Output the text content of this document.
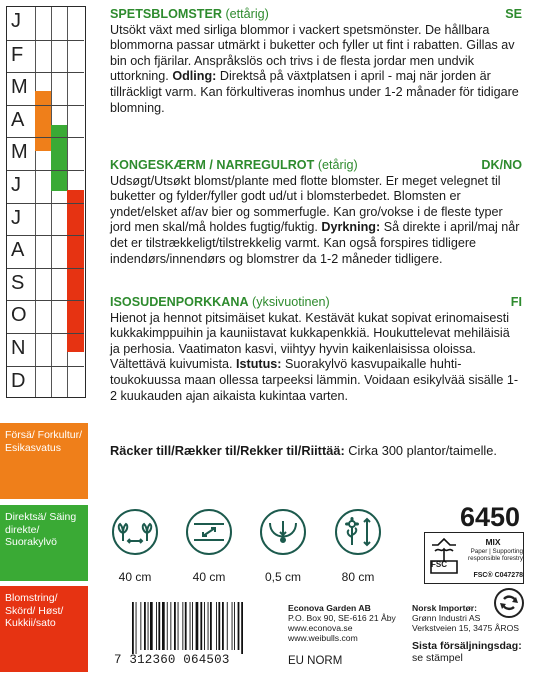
J
F
M
A
M
J
J
A
S
O
N
D
Försä/ Forkultur/ Esikasvatus
Direktsä/ Säing direkte/ Suorakylvö
Blomstring/ Skörd/ Høst/ Kukkii/sato
SPETSBLOMSTER (ettårig)	SE

Utsökt växt med sirliga blommor i vackert spetsmönster. De hållbara blommorna passar utmärkt i buketter och fyller ut fint i rabatten. Gillas av bin och fjärilar. Anspråkslös och trivs i de flesta jordar men undvik uttorkning. Odling: Direktså på växtplatsen i april - maj när jorden är tillräckligt varm. Kan förkultiveras inomhus under 1-2 månader för tidigare blomning.

KONGESKÆRM / NARREGULROT (etårig)	DK/NO

Udsøgt/Utsøkt blomst/plante med flotte blomster. Er meget velegnet til buketter og fylder/fyller godt ud/ut i blomsterbedet. Blomsten er yndet/elsket af/av bier og sommerfugle. Kan gro/vokse i de fleste typer jord men skal/må holdes fugtig/fuktig. Dyrkning: Så direkte i april/maj når det er tilstrækkeligt/tilstrekkelig varmt. Kan også forspires tidligere indendørs/innendørs og blomstrer da 1-2 måneder tidligere.

ISOSUDENPORKKANA (yksivuotinen)	FI

Hienot ja hennot pitsimäiset kukat. Kestävät kukat sopivat erinomaisesti kukkakimppuihin ja kauniistavat kukkapenkkiä. Houkuttelevat mehiläisiä ja perhosia. Vaatimaton kasvi, viihtyy hyvin kaikenlaisissa oloissa. Vältettävä kuivumista. Istutus: Suorakylvö kasvupaikalle huhti-toukokuussa maan ollessa tarpeeksi lämmin. Voidaan esikylvää sisälle 1-2 kuukauden ajan aikaista kukintaa varten.

Räcker till/Rækker til/Rekker til/Riittää: Cirka 300 plantor/taimelle.
6450
40 cm	40 cm	0,5 cm	80 cm
FSC
MIX
Paper | Supporting responsible forestry
FSC® C047278
7 312360 064503	EU NORM
Econova Garden AB
P.O. Box 90, SE-616 21 Åby
www.econova.se
www.weibulls.com
Norsk Importør:
Grønn Industri AS
Verkstveien 15, 3475 ÅROS
Sista försäljningsdag:
se stämpel
